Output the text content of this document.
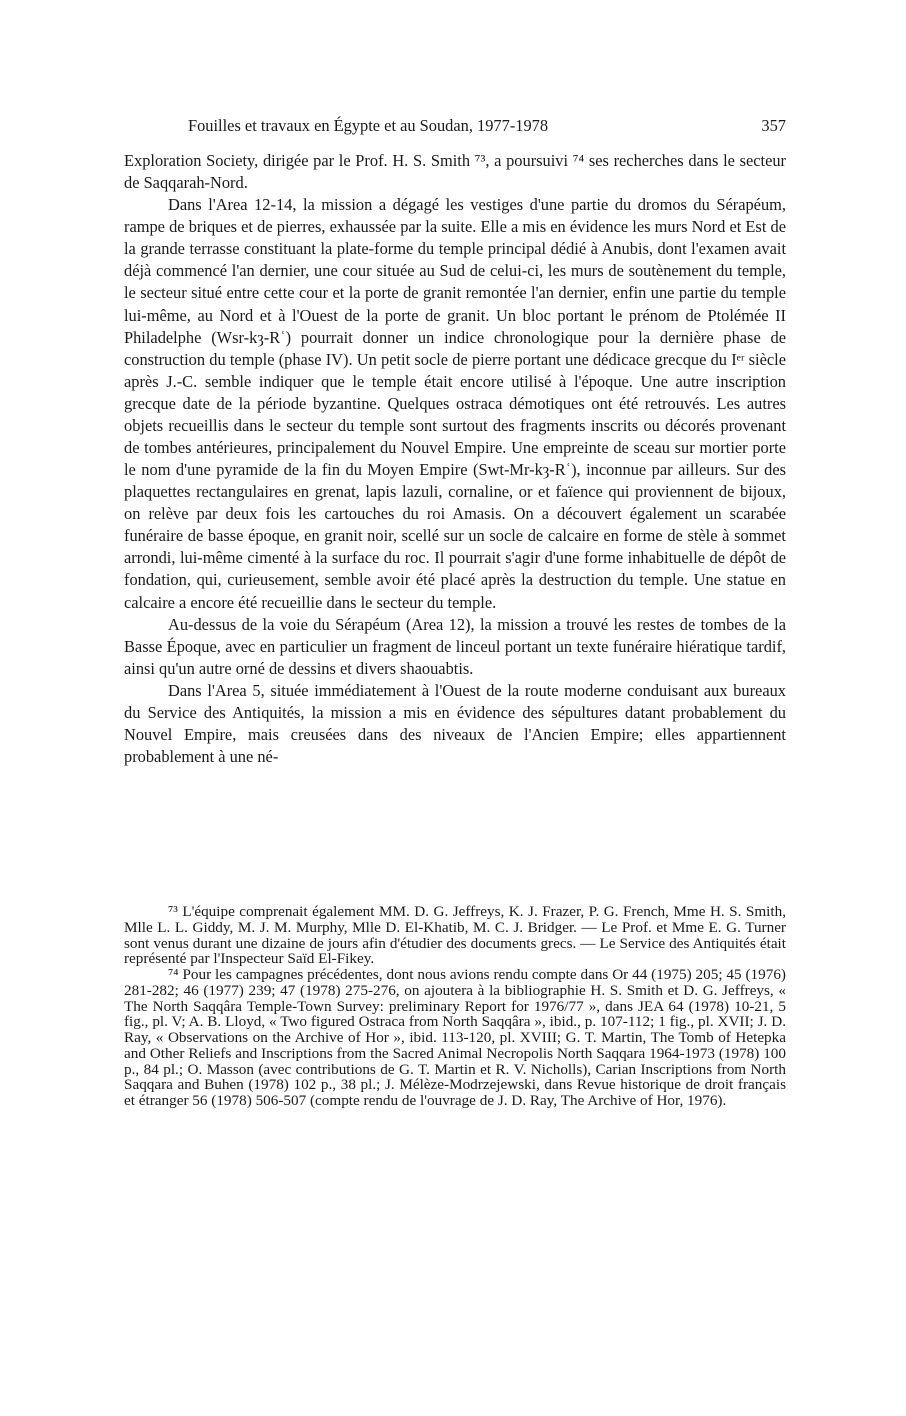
Fouilles et travaux en Égypte et au Soudan, 1977-1978	357

Exploration Society, dirigée par le Prof. H. S. Smith ⁷³, a poursuivi ⁷⁴ ses recherches dans le secteur de Saqqarah-Nord.

Dans l'Area 12-14, la mission a dégagé les vestiges d'une partie du dromos du Sérapéum, rampe de briques et de pierres, exhaussée par la suite. Elle a mis en évidence les murs Nord et Est de la grande terrasse constituant la plate-forme du temple principal dédié à Anubis, dont l'examen avait déjà commencé l'an dernier, une cour située au Sud de celui-ci, les murs de soutènement du temple, le secteur situé entre cette cour et la porte de granit remontée l'an dernier, enfin une partie du temple lui-même, au Nord et à l'Ouest de la porte de granit. Un bloc portant le prénom de Ptolémée II Philadelphe (Wsr-kȝ-Rʿ) pourrait donner un indice chronologique pour la dernière phase de construction du temple (phase IV). Un petit socle de pierre portant une dédicace grecque du Iᵉʳ siècle après J.-C. semble indiquer que le temple était encore utilisé à l'époque. Une autre inscription grecque date de la période byzantine. Quelques ostraca démotiques ont été retrouvés. Les autres objets recueillis dans le secteur du temple sont surtout des fragments inscrits ou décorés provenant de tombes antérieures, principalement du Nouvel Empire. Une empreinte de sceau sur mortier porte le nom d'une pyramide de la fin du Moyen Empire (Swt-Mr-kȝ-Rʿ), inconnue par ailleurs. Sur des plaquettes rectangulaires en grenat, lapis lazuli, cornaline, or et faïence qui proviennent de bijoux, on relève par deux fois les cartouches du roi Amasis. On a découvert également un scarabée funéraire de basse époque, en granit noir, scellé sur un socle de calcaire en forme de stèle à sommet arrondi, lui-même cimenté à la surface du roc. Il pourrait s'agir d'une forme inhabituelle de dépôt de fondation, qui, curieusement, semble avoir été placé après la destruction du temple. Une statue en calcaire a encore été recueillie dans le secteur du temple.

Au-dessus de la voie du Sérapéum (Area 12), la mission a trouvé les restes de tombes de la Basse Époque, avec en particulier un fragment de linceul portant un texte funéraire hiératique tardif, ainsi qu'un autre orné de dessins et divers shaouabtis.

Dans l'Area 5, située immédiatement à l'Ouest de la route moderne conduisant aux bureaux du Service des Antiquités, la mission a mis en évidence des sépultures datant probablement du Nouvel Empire, mais creusées dans des niveaux de l'Ancien Empire; elles appartiennent probablement à une né-

⁷³ L'équipe comprenait également MM. D. G. Jeffreys, K. J. Frazer, P. G. French, Mme H. S. Smith, Mlle L. L. Giddy, M. J. M. Murphy, Mlle D. El-Khatib, M. C. J. Bridger. — Le Prof. et Mme E. G. Turner sont venus durant une dizaine de jours afin d'étudier des documents grecs. — Le Service des Antiquités était représenté par l'Inspecteur Saïd El-Fikey.

⁷⁴ Pour les campagnes précédentes, dont nous avions rendu compte dans Or 44 (1975) 205; 45 (1976) 281-282; 46 (1977) 239; 47 (1978) 275-276, on ajoutera à la bibliographie H. S. Smith et D. G. Jeffreys, « The North Saqqâra Temple-Town Survey: preliminary Report for 1976/77 », dans JEA 64 (1978) 10-21, 5 fig., pl. V; A. B. Lloyd, « Two figured Ostraca from North Saqqâra », ibid., p. 107-112; 1 fig., pl. XVII; J. D. Ray, « Observations on the Archive of Hor », ibid. 113-120, pl. XVIII; G. T. Martin, The Tomb of Hetepka and Other Reliefs and Inscriptions from the Sacred Animal Necropolis North Saqqara 1964-1973 (1978) 100 p., 84 pl.; O. Masson (avec contributions de G. T. Martin et R. V. Nicholls), Carian Inscriptions from North Saqqara and Buhen (1978) 102 p., 38 pl.; J. Mélèze-Modrzejewski, dans Revue historique de droit français et étranger 56 (1978) 506-507 (compte rendu de l'ouvrage de J. D. Ray, The Archive of Hor, 1976).
